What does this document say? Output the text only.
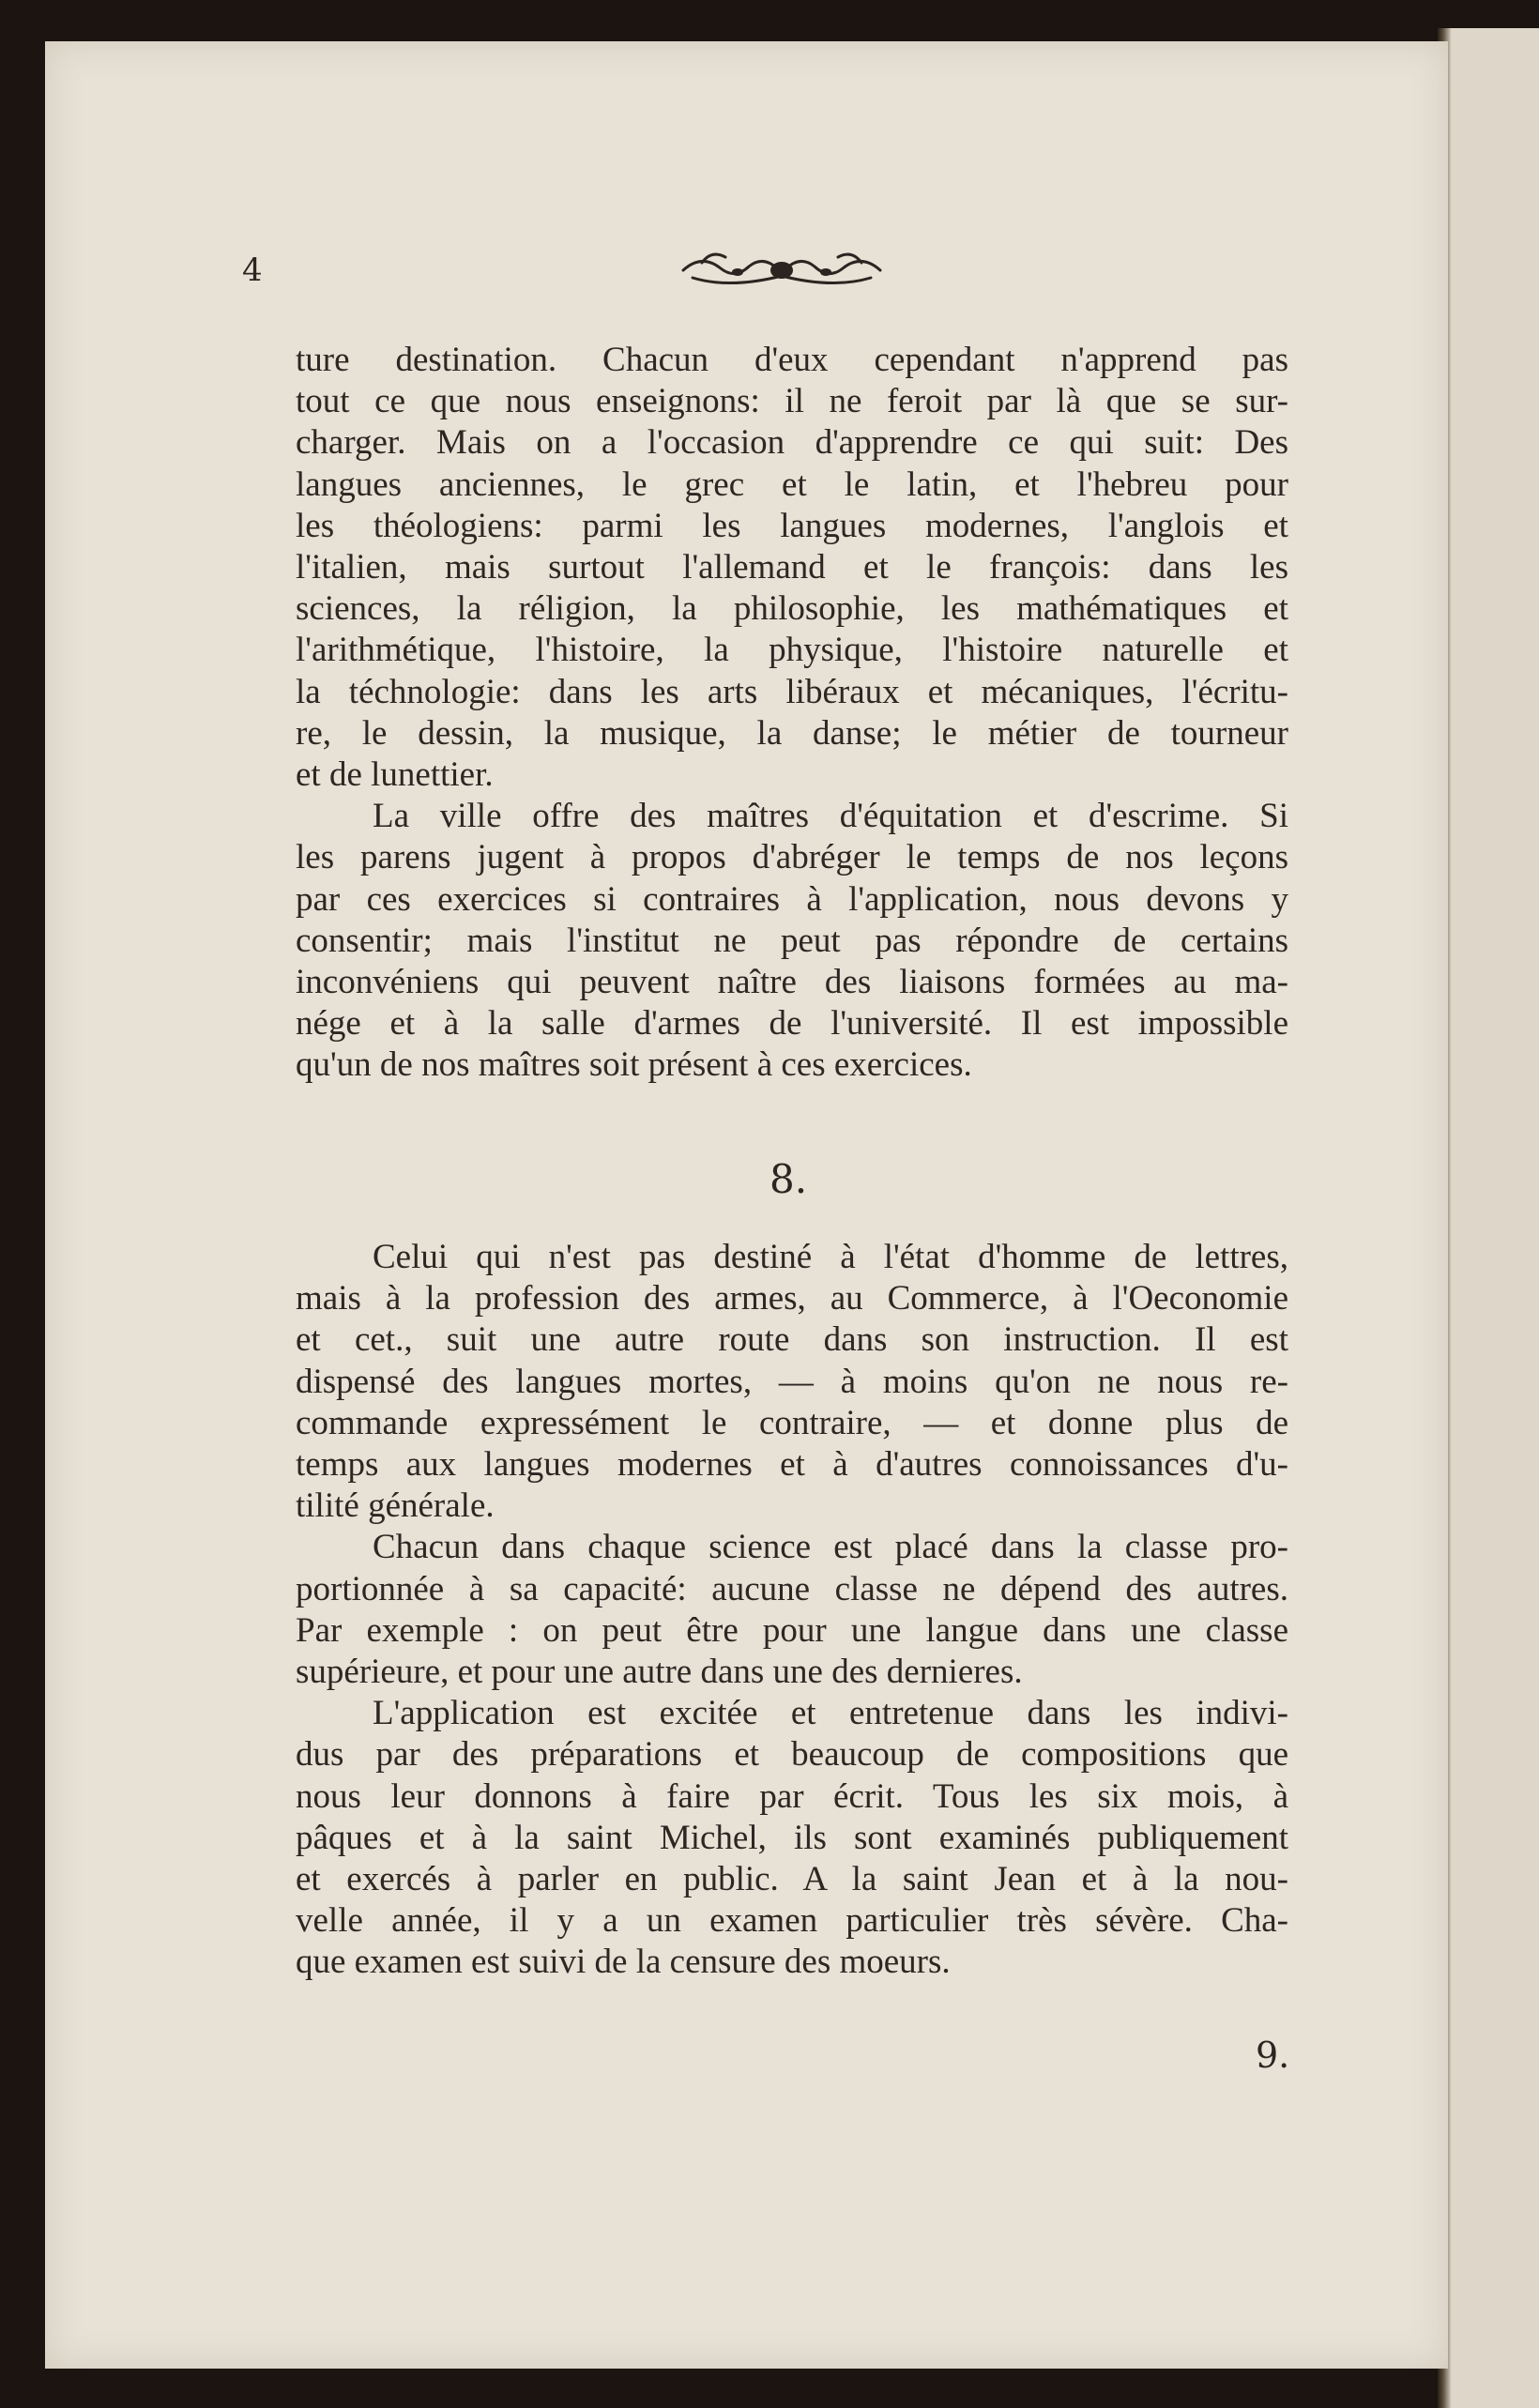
4

ture destination. Chacun d'eux cependant n'apprend pas

tout ce que nous enseignons: il ne feroit par là que se sur-

charger. Mais on a l'occasion d'apprendre ce qui suit: Des

langues anciennes, le grec et le latin, et l'hebreu pour

les théologiens: parmi les langues modernes, l'anglois et

l'italien, mais surtout l'allemand et le françois: dans les

sciences, la réligion, la philosophie, les mathématiques et

l'arithmétique, l'histoire, la physique, l'histoire naturelle et

la téchnologie: dans les arts libéraux et mécaniques, l'écritu-

re, le dessin, la musique, la danse; le métier de tourneur

et de lunettier.

La ville offre des maîtres d'équitation et d'escrime. Si

les parens jugent à propos d'abréger le temps de nos leçons

par ces exercices si contraires à l'application, nous devons y

consentir; mais l'institut ne peut pas répondre de certains

inconvéniens qui peuvent naître des liaisons formées au ma-

nége et à la salle d'armes de l'université. Il est impossible

qu'un de nos maîtres soit présent à ces exercices.

8.

Celui qui n'est pas destiné à l'état d'homme de lettres,

mais à la profession des armes, au Commerce, à l'Oeconomie

et cet., suit une autre route dans son instruction. Il est

dispensé des langues mortes, — à moins qu'on ne nous re-

commande expressément le contraire, — et donne plus de

temps aux langues modernes et à d'autres connoissances d'u-

tilité générale.

Chacun dans chaque science est placé dans la classe pro-

portionnée à sa capacité: aucune classe ne dépend des autres.

Par exemple : on peut être pour une langue dans une classe

supérieure, et pour une autre dans une des dernieres.

L'application est excitée et entretenue dans les indivi-

dus par des préparations et beaucoup de compositions que

nous leur donnons à faire par écrit. Tous les six mois, à

pâques et à la saint Michel, ils sont examinés publiquement

et exercés à parler en public. A la saint Jean et à la nou-

velle année, il y a un examen particulier très sévère. Cha-

que examen est suivi de la censure des moeurs.

9.
